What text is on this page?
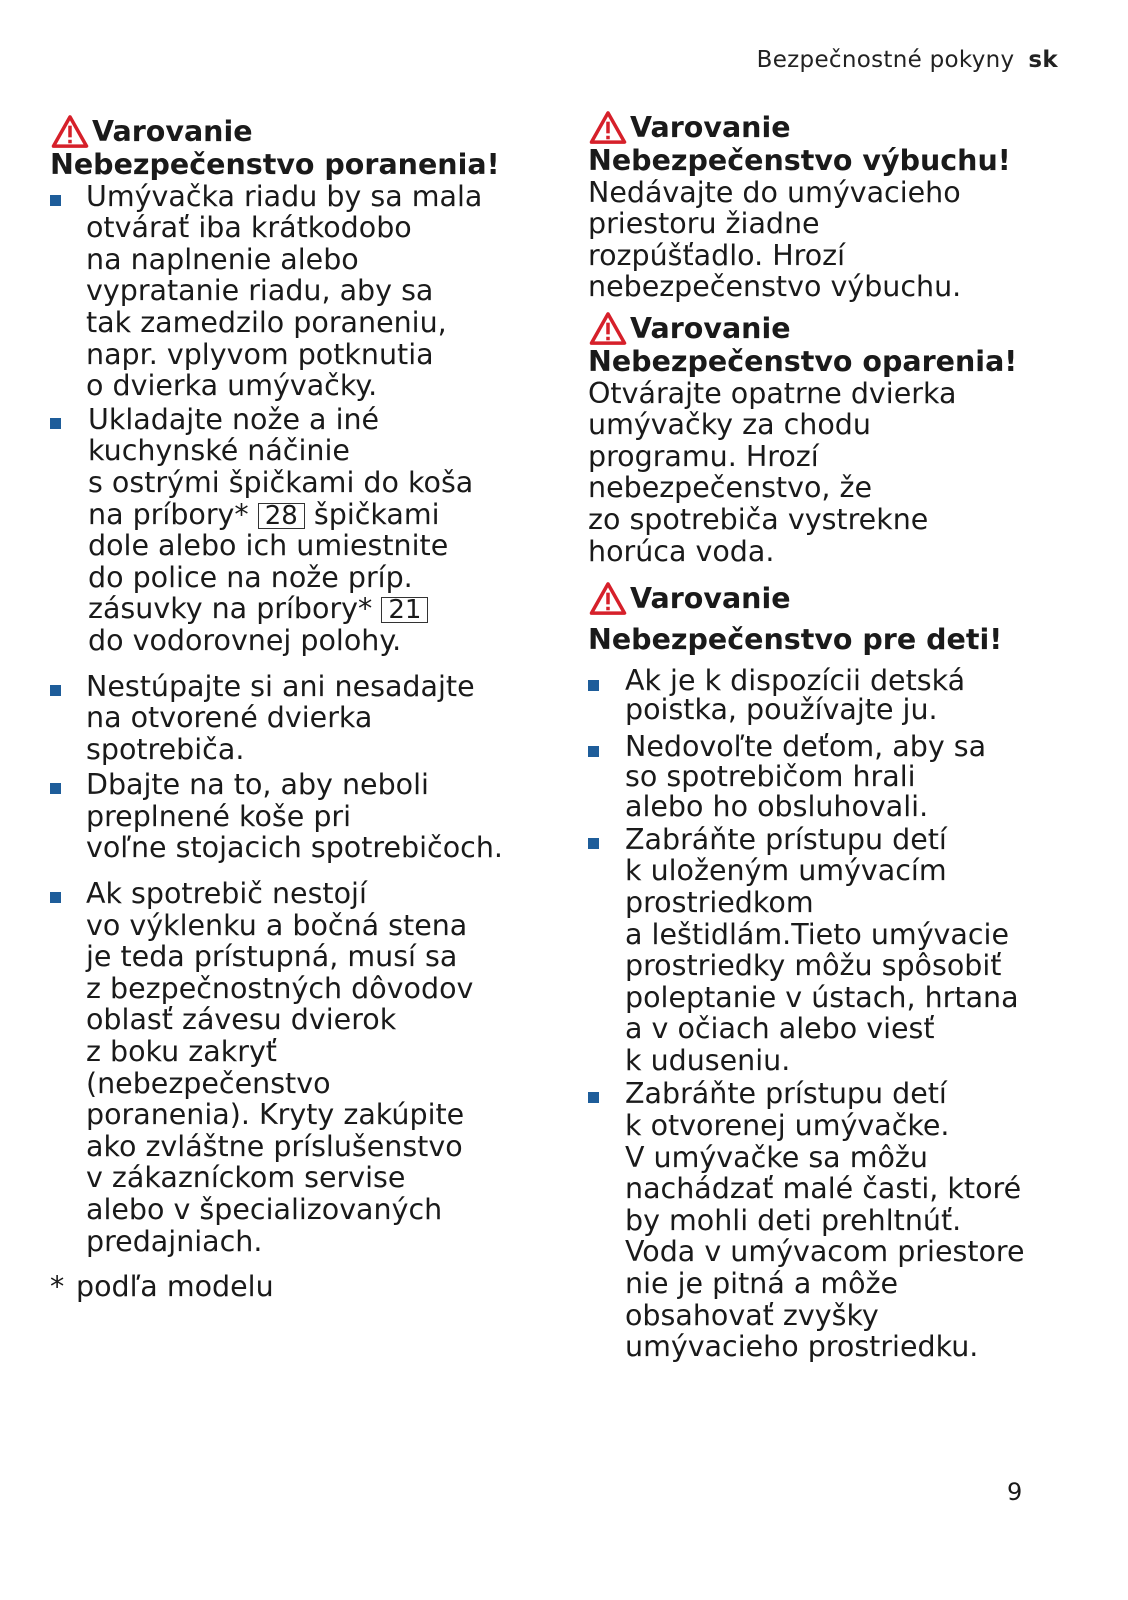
Bezpečnostné pokyny sk
Varovanie
Nebezpečenstvo poranenia!
Umývačka riadu by sa mala
otvárať iba krátkodobo
na naplnenie alebo
vypratanie riadu, aby sa
tak zamedzilo poraneniu,
napr. vplyvom potknutia
o dvierka umývačky.
Ukladajte nože a iné
kuchynské náčinie
s ostrými špičkami do koša
na príbory* 28 špičkami
dole alebo ich umiestnite
do police na nože príp.
zásuvky na príbory* 21
do vodorovnej polohy.
Nestúpajte si ani nesadajte
na otvorené dvierka
spotrebiča.
Dbajte na to, aby neboli
preplnené koše pri
voľne stojacich spotrebičoch.
Ak spotrebič nestojí
vo výklenku a bočná stena
je teda prístupná, musí sa
z bezpečnostných dôvodov
oblasť závesu dvierok
z boku zakryť
(nebezpečenstvo
poranenia). Kryty zakúpite
ako zvláštne príslušenstvo
v zákazníckom servise
alebo v špecializovaných
predajniach.
* podľa modelu
Varovanie
Nebezpečenstvo výbuchu!
Nedávajte do umývacieho
priestoru žiadne
rozpúšťadlo. Hrozí
nebezpečenstvo výbuchu.
Varovanie
Nebezpečenstvo oparenia!
Otvárajte opatrne dvierka
umývačky za chodu
programu. Hrozí
nebezpečenstvo, že
zo spotrebiča vystrekne
horúca voda.
Varovanie
Nebezpečenstvo pre deti!
Ak je k dispozícii detská
poistka, používajte ju.
Nedovoľte deťom, aby sa
so spotrebičom hrali
alebo ho obsluhovali.
Zabráňte prístupu detí
k uloženým umývacím
prostriedkom
a leštidlám.Tieto umývacie
prostriedky môžu spôsobiť
poleptanie v ústach, hrtana
a v očiach alebo viesť
k uduseniu.
Zabráňte prístupu detí
k otvorenej umývačke.
V umývačke sa môžu
nachádzať malé časti, ktoré
by mohli deti prehltnúť.
Voda v umývacom priestore
nie je pitná a môže
obsahovať zvyšky
umývacieho prostriedku.
9
